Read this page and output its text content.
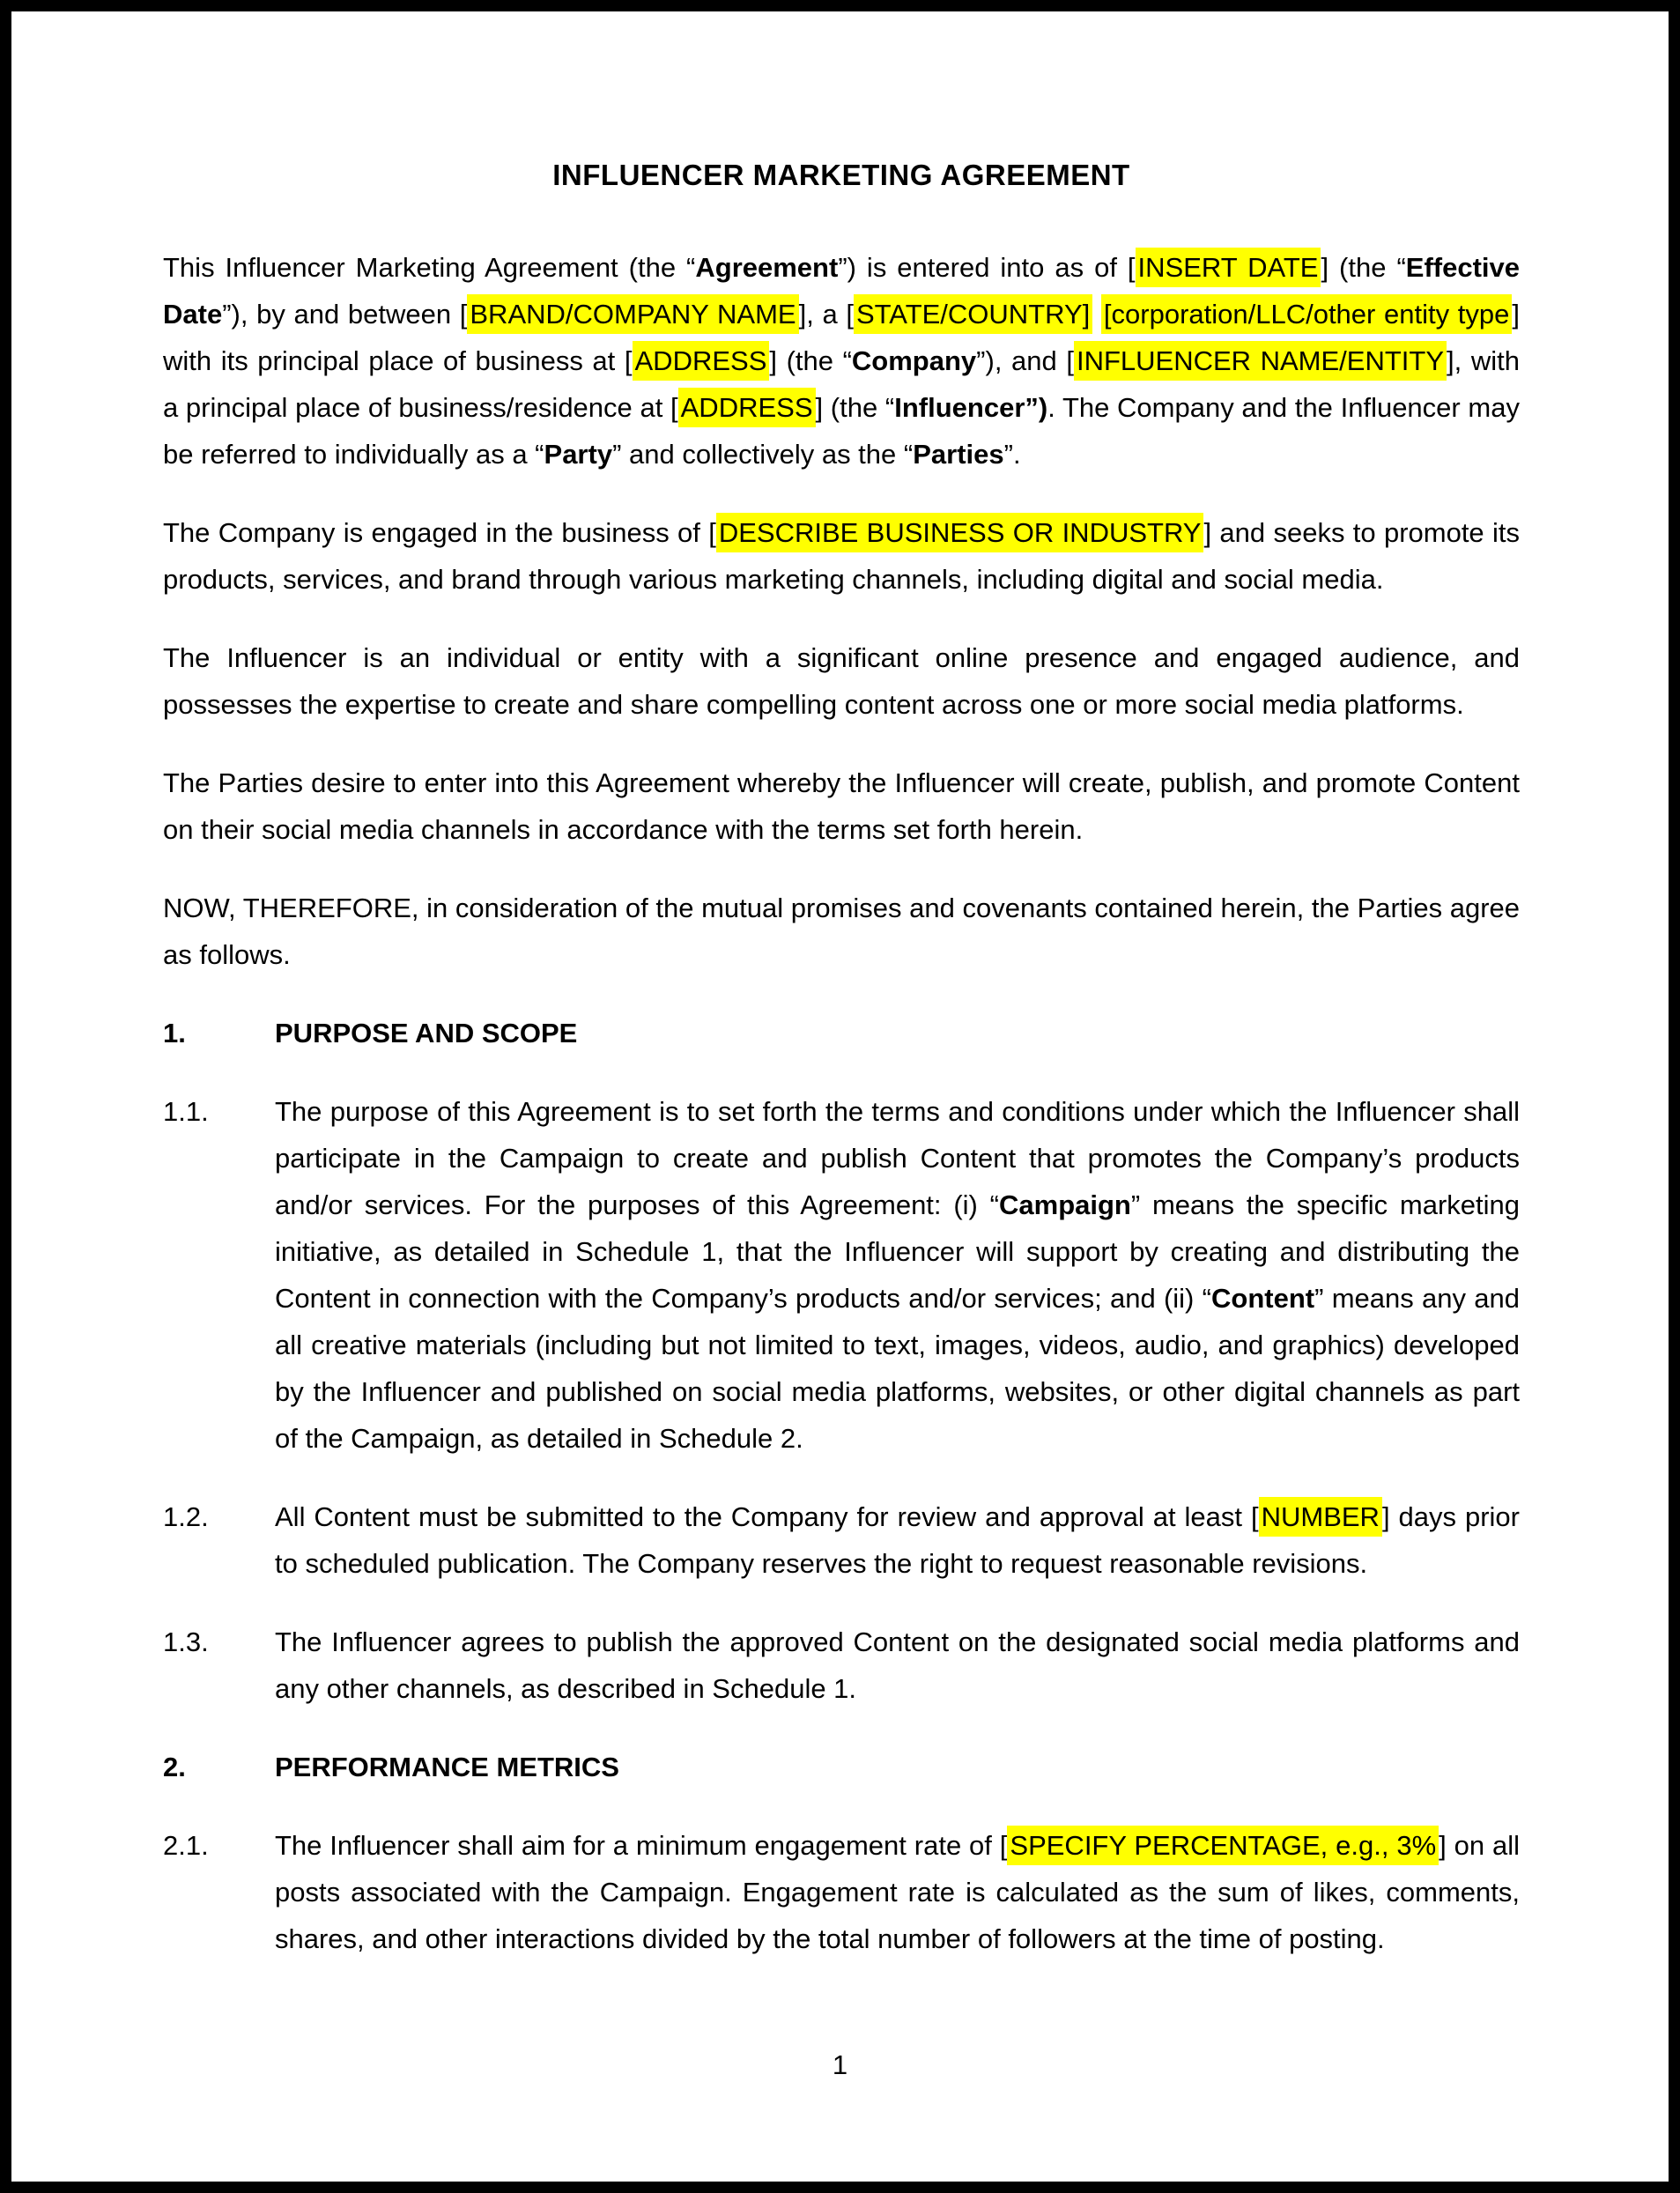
INFLUENCER MARKETING AGREEMENT

This Influencer Marketing Agreement (the “Agreement”) is entered into as of [INSERT DATE] (the “Effective Date”), by and between [BRAND/COMPANY NAME], a [STATE/COUNTRY] [corporation/LLC/other entity type] with its principal place of business at [ADDRESS] (the “Company”), and [INFLUENCER NAME/ENTITY], with a principal place of business/residence at [ADDRESS] (the “Influencer”). The Company and the Influencer may be referred to individually as a “Party” and collectively as the “Parties”.

The Company is engaged in the business of [DESCRIBE BUSINESS OR INDUSTRY] and seeks to promote its products, services, and brand through various marketing channels, including digital and social media.

The Influencer is an individual or entity with a significant online presence and engaged audience, and possesses the expertise to create and share compelling content across one or more social media platforms.

The Parties desire to enter into this Agreement whereby the Influencer will create, publish, and promote Content on their social media channels in accordance with the terms set forth herein.

NOW, THEREFORE, in consideration of the mutual promises and covenants contained herein, the Parties agree as follows.

1.	PURPOSE AND SCOPE
1.1.	The purpose of this Agreement is to set forth the terms and conditions under which the Influencer shall participate in the Campaign to create and publish Content that promotes the Company’s products and/or services. For the purposes of this Agreement: (i) “Campaign” means the specific marketing initiative, as detailed in Schedule 1, that the Influencer will support by creating and distributing the Content in connection with the Company’s products and/or services; and (ii) “Content” means any and all creative materials (including but not limited to text, images, videos, audio, and graphics) developed by the Influencer and published on social media platforms, websites, or other digital channels as part of the Campaign, as detailed in Schedule 2.

1.2.	All Content must be submitted to the Company for review and approval at least [NUMBER] days prior to scheduled publication. The Company reserves the right to request reasonable revisions.

1.3.	The Influencer agrees to publish the approved Content on the designated social media platforms and any other channels, as described in Schedule 1.

2.	PERFORMANCE METRICS
2.1.	The Influencer shall aim for a minimum engagement rate of [SPECIFY PERCENTAGE, e.g., 3%] on all posts associated with the Campaign. Engagement rate is calculated as the sum of likes, comments, shares, and other interactions divided by the total number of followers at the time of posting.

1
